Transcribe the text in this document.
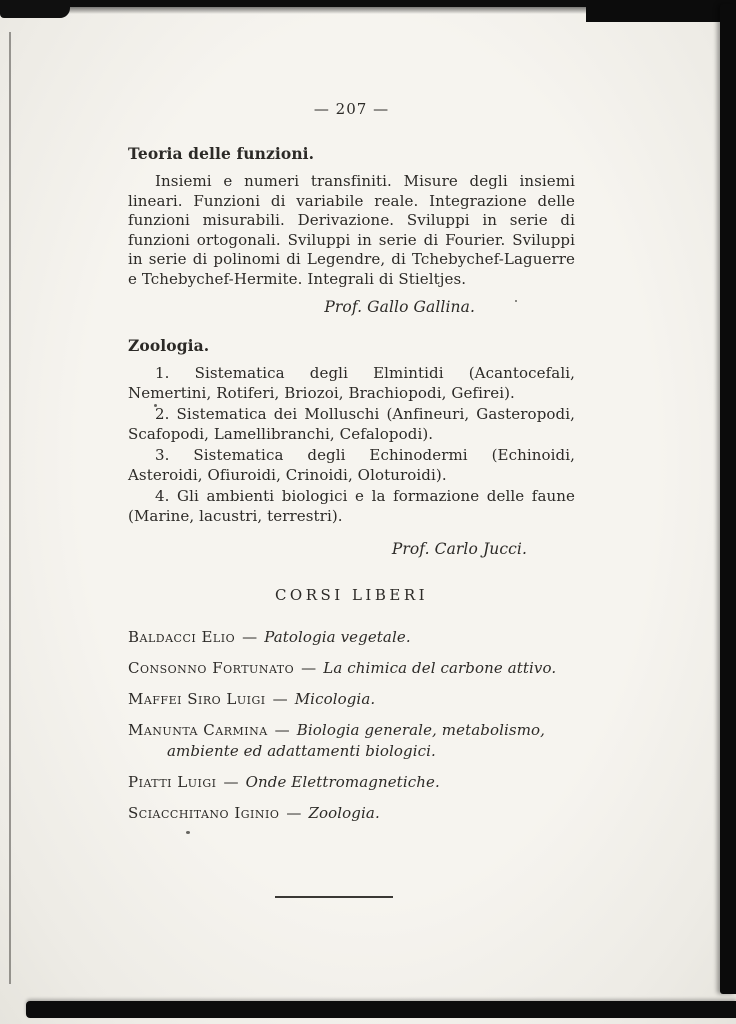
— 207 —
Teoria delle funzioni.

Insiemi e numeri transfiniti. Misure degli insiemi lineari. Funzioni di variabile reale. Integrazione delle funzioni misurabili. Derivazione. Sviluppi in serie di funzioni ortogonali. Sviluppi in serie di Fourier. Sviluppi in serie di polinomi di Legendre, di Tchebychef-Laguerre e Tchebychef-Hermite. Integrali di Stieltjes.

Prof. Gallo Gallina.
Zoologia.

1. Sistematica degli Elmintidi (Acantocefali, Nemertini, Rotiferi, Briozoi, Brachiopodi, Gefirei).

2. Sistematica dei Molluschi (Anfineuri, Gasteropodi, Scafopodi, Lamellibranchi, Cefalopodi).

3. Sistematica degli Echinodermi (Echinoidi, Asteroidi, Ofiuroidi, Crinoidi, Oloturoidi).

4. Gli ambienti biologici e la formazione delle faune (Marine, lacustri, terrestri).

Prof. Carlo Jucci.
CORSI LIBERI
Baldacci Elio — Patologia vegetale.
Consonno Fortunato — La chimica del carbone attivo.
Maffei Siro Luigi — Micologia.
Manunta Carmina — Biologia generale, metabolismo, ambiente ed adattamenti biologici.
Piatti Luigi — Onde Elettromagnetiche.
Sciacchitano Iginio — Zoologia.
